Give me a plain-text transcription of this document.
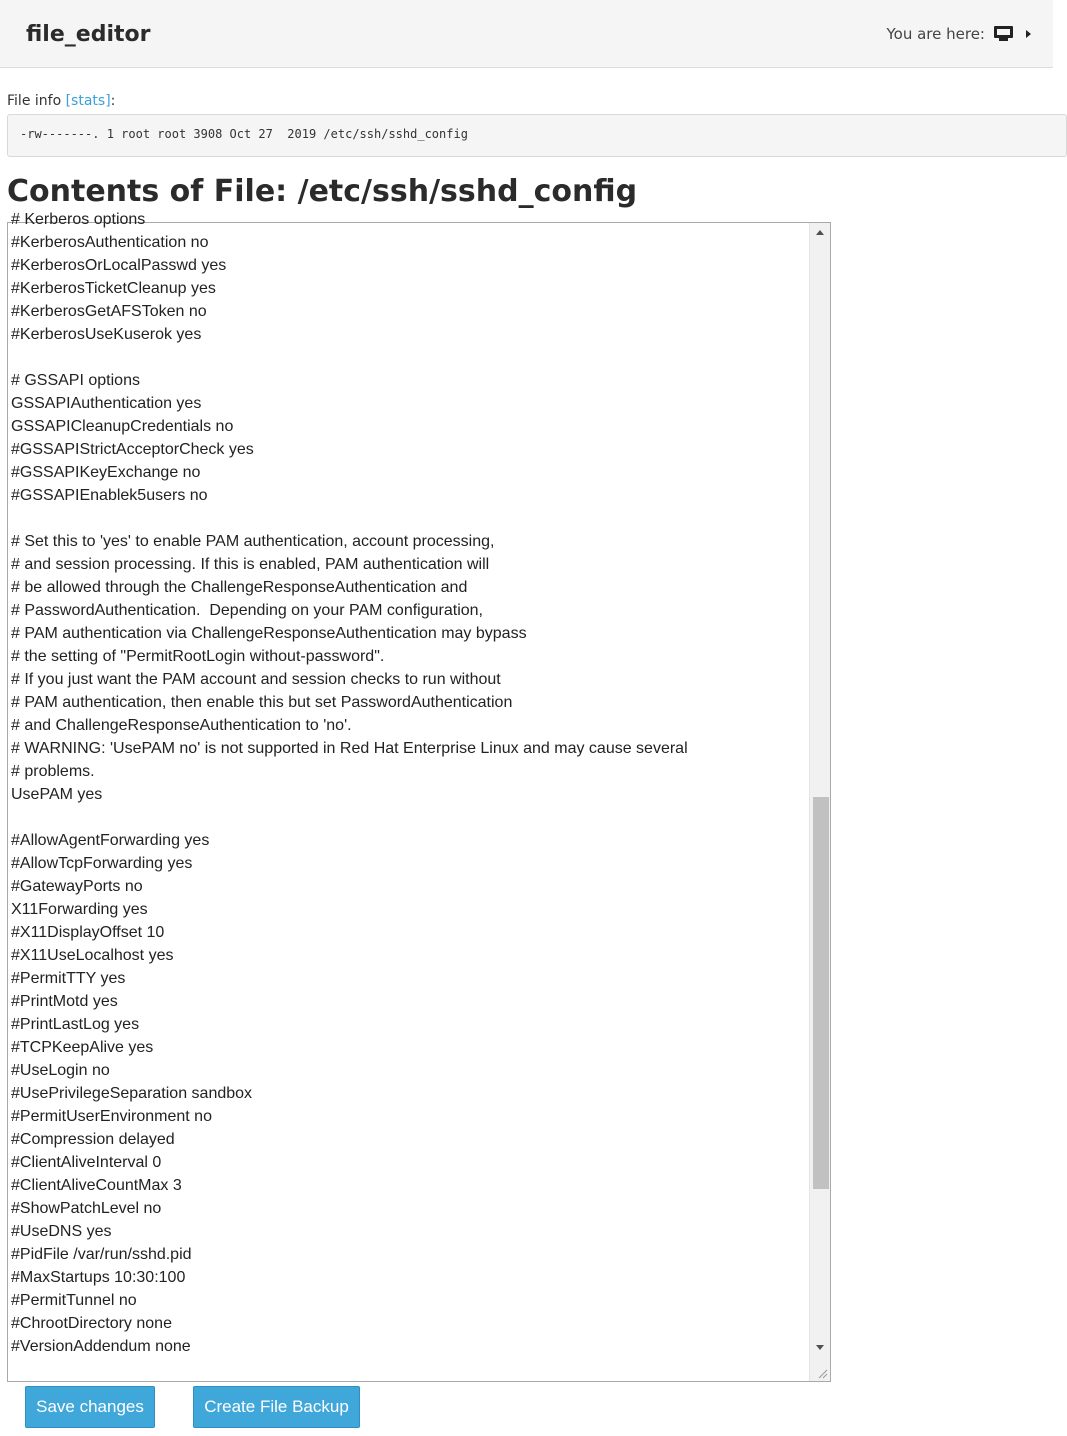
file_editor	You are here:
File info [stats]:
-rw-------. 1 root root 3908 Oct 27  2019 /etc/ssh/sshd_config
Contents of File: /etc/ssh/sshd_config
# Kerberos options
#KerberosAuthentication no
#KerberosOrLocalPasswd yes
#KerberosTicketCleanup yes
#KerberosGetAFSToken no
#KerberosUseKuserok yes

# GSSAPI options
GSSAPIAuthentication yes
GSSAPICleanupCredentials no
#GSSAPIStrictAcceptorCheck yes
#GSSAPIKeyExchange no
#GSSAPIEnablek5users no

# Set this to 'yes' to enable PAM authentication, account processing,
# and session processing. If this is enabled, PAM authentication will
# be allowed through the ChallengeResponseAuthentication and
# PasswordAuthentication.  Depending on your PAM configuration,
# PAM authentication via ChallengeResponseAuthentication may bypass
# the setting of "PermitRootLogin without-password".
# If you just want the PAM account and session checks to run without
# PAM authentication, then enable this but set PasswordAuthentication
# and ChallengeResponseAuthentication to 'no'.
# WARNING: 'UsePAM no' is not supported in Red Hat Enterprise Linux and may cause several
# problems.
UsePAM yes

#AllowAgentForwarding yes
#AllowTcpForwarding yes
#GatewayPorts no
X11Forwarding yes
#X11DisplayOffset 10
#X11UseLocalhost yes
#PermitTTY yes
#PrintMotd yes
#PrintLastLog yes
#TCPKeepAlive yes
#UseLogin no
#UsePrivilegeSeparation sandbox
#PermitUserEnvironment no
#Compression delayed
#ClientAliveInterval 0
#ClientAliveCountMax 3
#ShowPatchLevel no
#UseDNS yes
#PidFile /var/run/sshd.pid
#MaxStartups 10:30:100
#PermitTunnel no
#ChrootDirectory none
#VersionAddendum none
Save changes	Create File Backup
